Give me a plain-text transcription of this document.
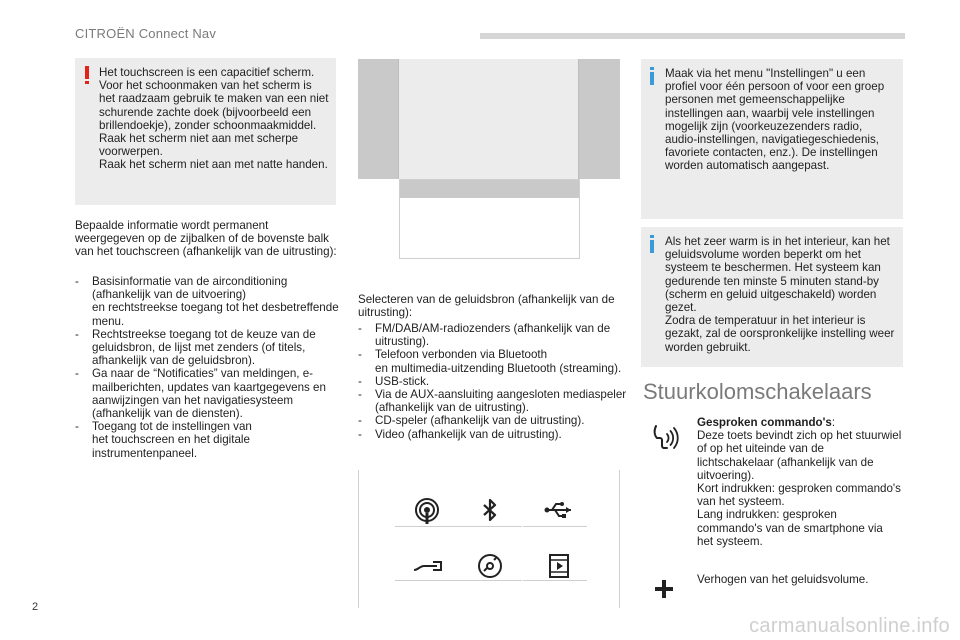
CITROËN Connect Nav

Het touchscreen is een capacitief scherm.
Voor het schoonmaken van het scherm is het raadzaam gebruik te maken van een niet schurende zachte doek (bijvoorbeeld een brillendoekje), zonder schoonmaakmiddel.
Raak het scherm niet aan met scherpe voorwerpen.
Raak het scherm niet aan met natte handen.

Bepaalde informatie wordt permanent weergegeven op de zijbalken of de bovenste balk van het touchscreen (afhankelijk van de uitrusting):

-	Basisinformatie van de airconditioning (afhankelijk van de uitvoering)
en rechtstreekse toegang tot het desbetreffende menu.
-	Rechtstreekse toegang tot de keuze van de geluidsbron, de lijst met zenders (of titels, afhankelijk van de geluidsbron).
-	Ga naar de “Notificaties” van meldingen, e-mailberichten, updates van kaartgegevens en aanwijzingen van het navigatiesysteem (afhankelijk van de diensten).
-	Toegang tot de instellingen van
het touchscreen en het digitale instrumentenpaneel.

Selecteren van de geluidsbron (afhankelijk van de uitrusting):

-	FM/DAB/AM-radiozenders (afhankelijk van de uitrusting).
-	Telefoon verbonden via Bluetooth
en multimedia-uitzending Bluetooth (streaming).
-	USB-stick.
-	Via de AUX-aansluiting aangesloten mediaspeler (afhankelijk van de uitrusting).
-	CD-speler (afhankelijk van de uitrusting).
-	Video (afhankelijk van de uitrusting).

Maak via het menu "Instellingen" u een profiel voor één persoon of voor een groep personen met gemeenschappelijke instellingen aan, waarbij vele instellingen mogelijk zijn (voorkeuzezenders radio, audio-instellingen, navigatiegeschiedenis, favoriete contacten, enz.). De instellingen worden automatisch aangepast.

Als het zeer warm is in het interieur, kan het geluidsvolume worden beperkt om het systeem te beschermen. Het systeem kan gedurende ten minste 5 minuten stand-by (scherm en geluid uitgeschakeld) worden gezet.
Zodra de temperatuur in het interieur is gezakt, zal de oorspronkelijke instelling weer worden gebruikt.

Stuurkolomschakelaars
Gesproken commando's:
Deze toets bevindt zich op het stuurwiel of op het uiteinde van de lichtschakelaar (afhankelijk van de uitvoering).
Kort indrukken: gesproken commando's van het systeem.
Lang indrukken: gesproken commando's van de smartphone via het systeem.
Verhogen van het geluidsvolume.
2
carmanualsonline.info
